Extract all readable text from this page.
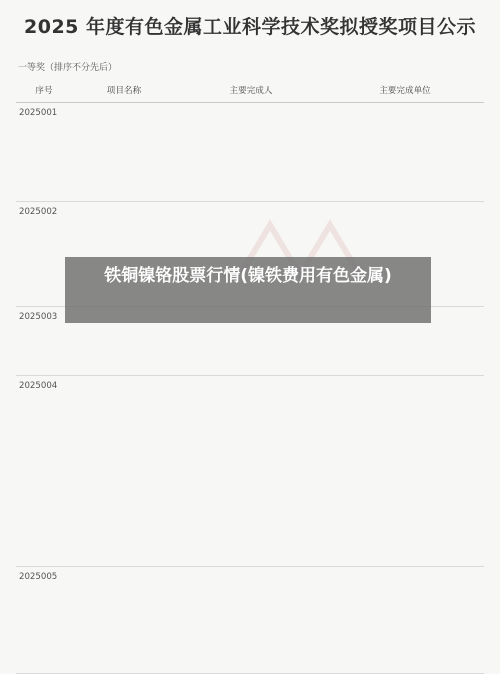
2025 年度有色金属工业科学技术奖拟授奖项目公示
一等奖（排序不分先后）
序号	项目名称	主要完成人	主要完成单位
2025001			
2025002			
2025003			
2025004			
2025005			
铁铜镍铬股票行情(镍铁费用有色金属)
